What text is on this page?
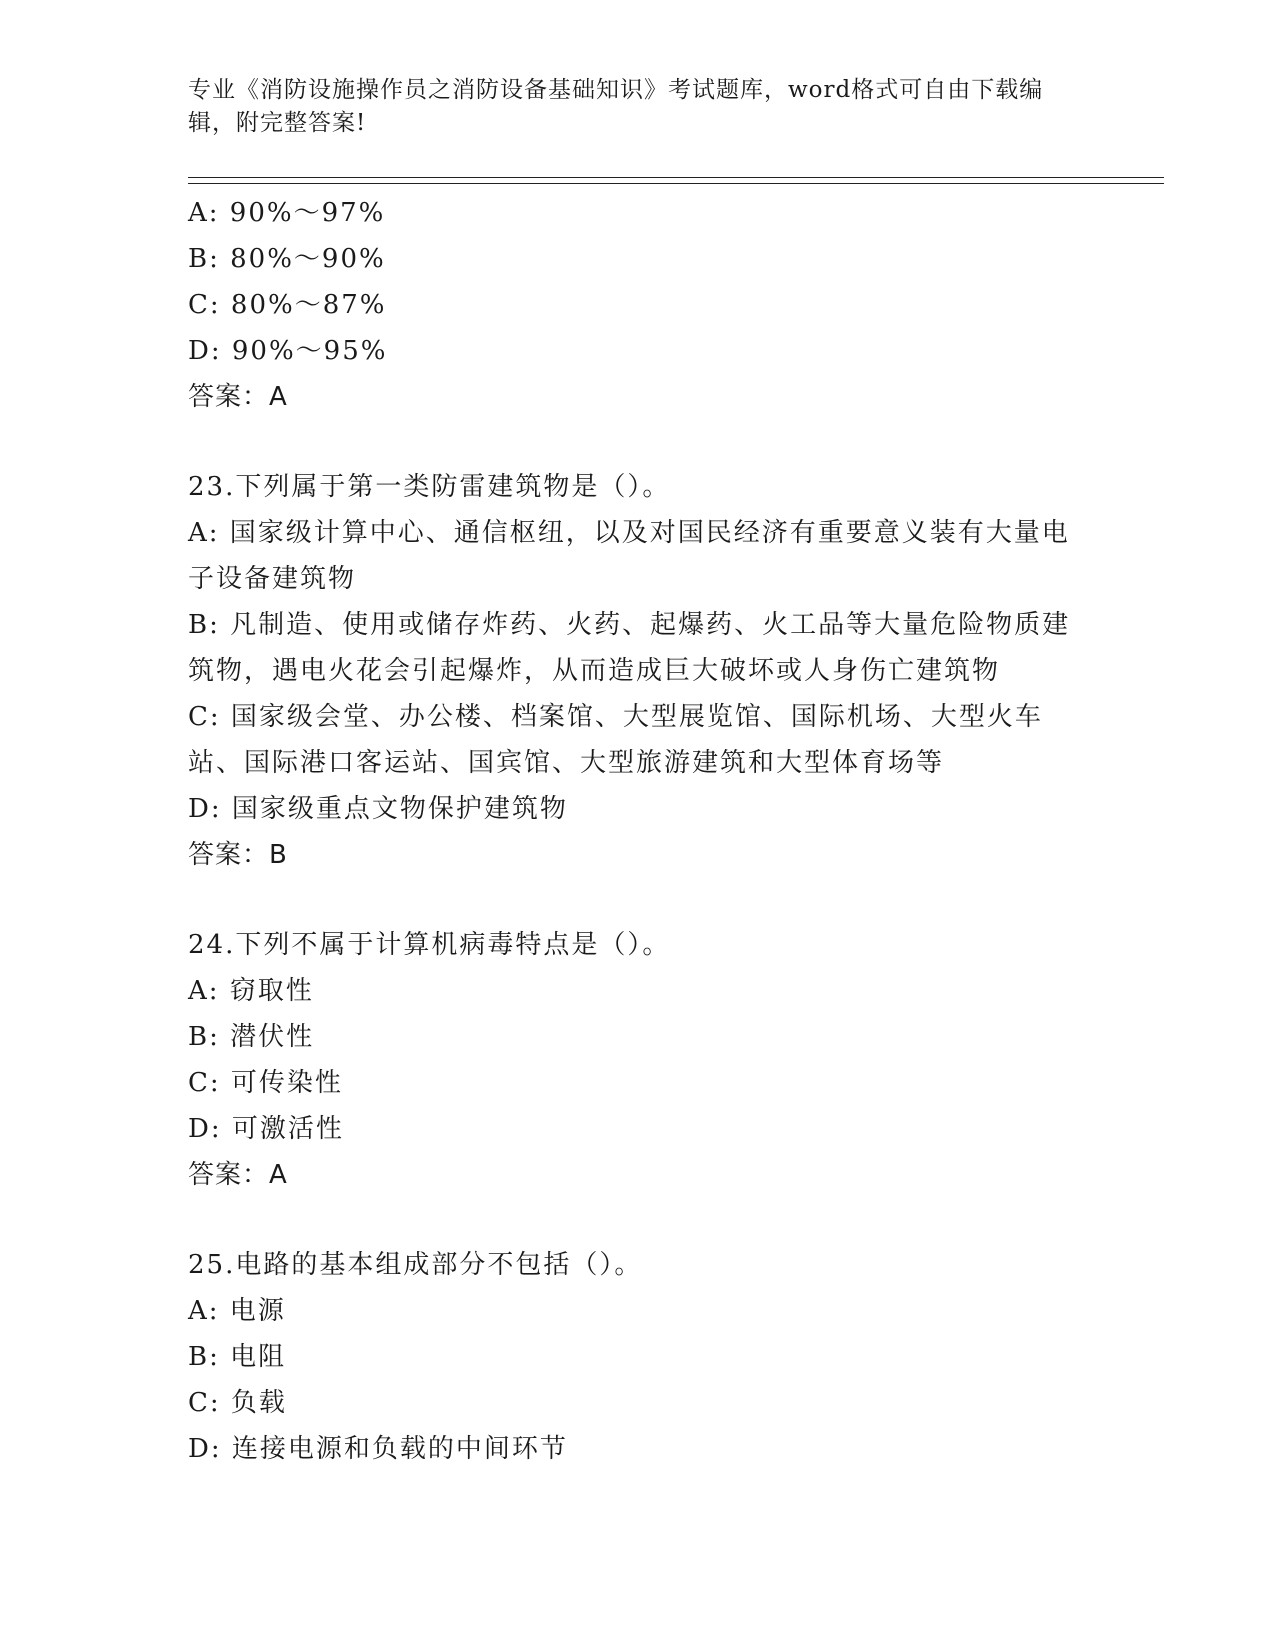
专业《消防设施操作员之消防设备基础知识》考试题库，word格式可自由下载编辑，附完整答案!
A: 90%～97%
B: 80%～90%
C: 80%～87%
D: 90%～95%
答案：A
23.下列属于第一类防雷建筑物是（）。
A: 国家级计算中心、通信枢纽，以及对国民经济有重要意义装有大量电子设备建筑物
B: 凡制造、使用或储存炸药、火药、起爆药、火工品等大量危险物质建筑物，遇电火花会引起爆炸，从而造成巨大破坏或人身伤亡建筑物
C: 国家级会堂、办公楼、档案馆、大型展览馆、国际机场、大型火车站、国际港口客运站、国宾馆、大型旅游建筑和大型体育场等
D: 国家级重点文物保护建筑物
答案：B
24.下列不属于计算机病毒特点是（）。
A: 窃取性
B: 潜伏性
C: 可传染性
D: 可激活性
答案：A
25.电路的基本组成部分不包括（）。
A: 电源
B: 电阻
C: 负载
D: 连接电源和负载的中间环节
